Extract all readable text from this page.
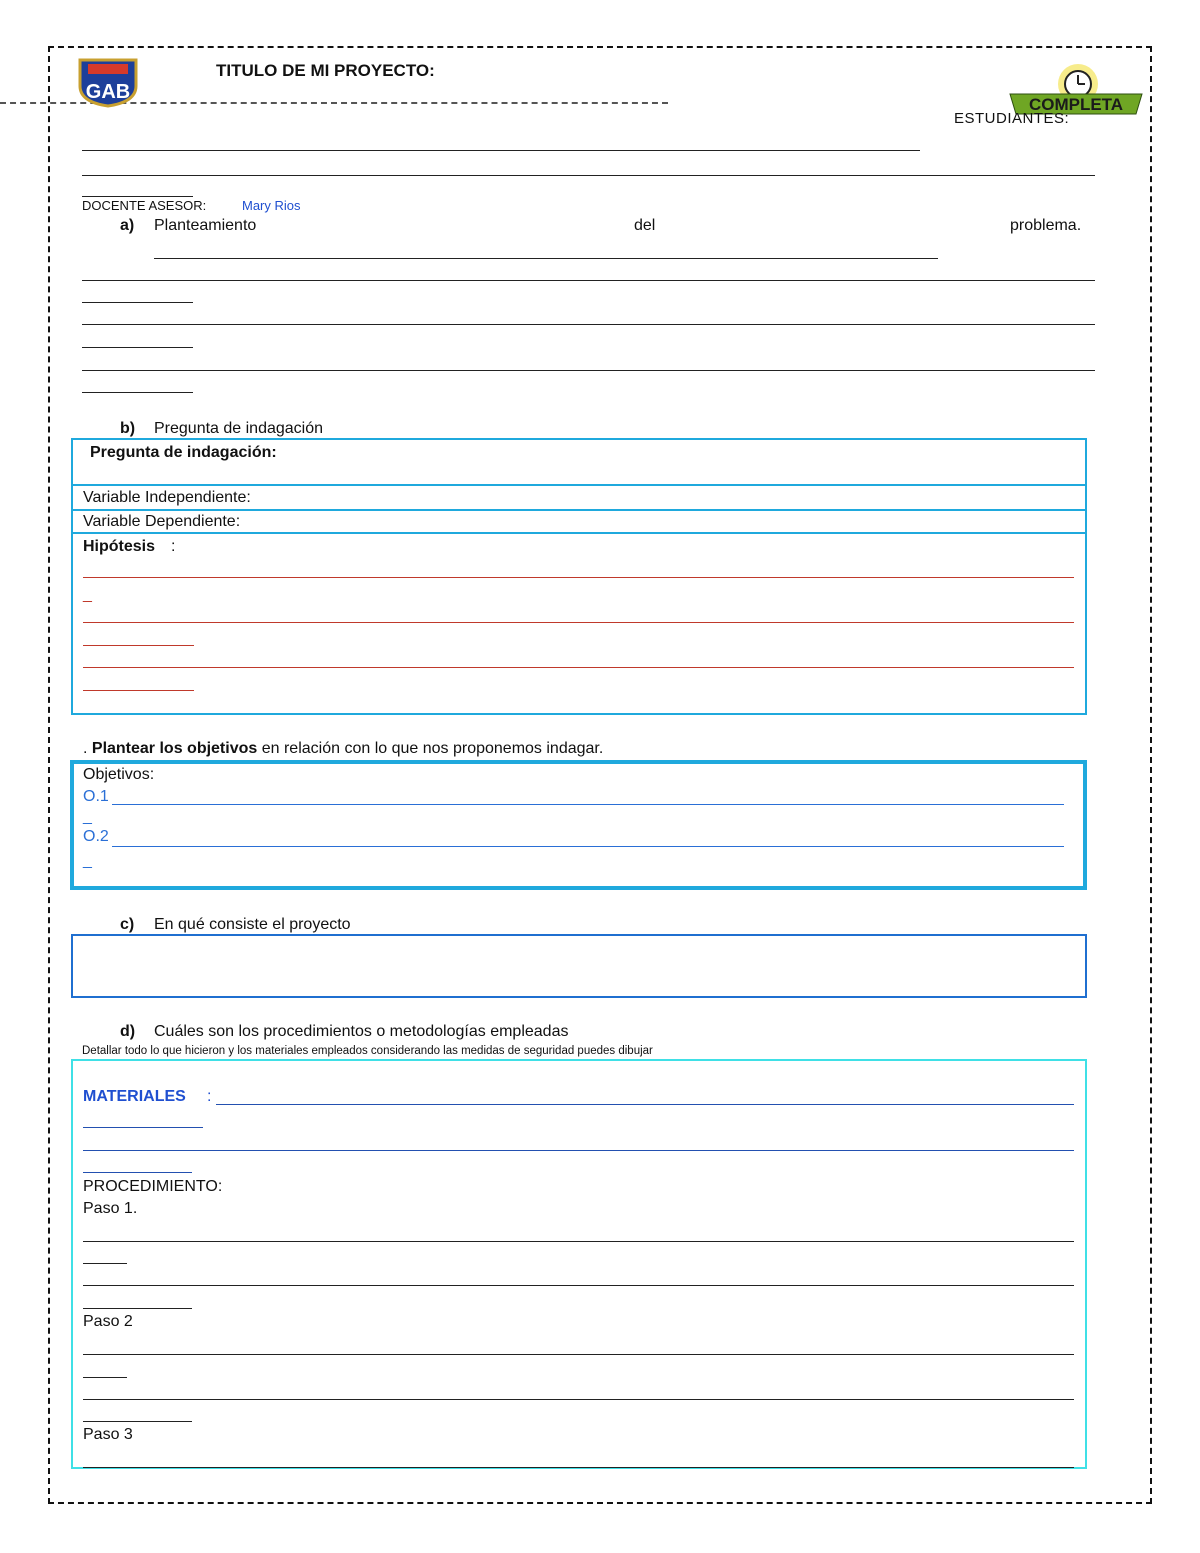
GAB
TITULO DE MI PROYECTO:
COMPLETA
ESTUDIANTES:
DOCENTE ASESOR:	Mary Rios
a) Planteamiento	del	problema.
b) Pregunta de indagación
Pregunta de indagación:
Variable Independiente:
Variable Dependiente:
Hipótesis :
_
. Plantear los objetivos en relación con lo que nos proponemos indagar.
Objetivos:
O.1
_
O.2
_
c) En qué consiste el proyecto
d) Cuáles son los procedimientos o metodologías empleadas
Detallar todo lo que hicieron y los materiales empleados considerando las medidas de seguridad puedes dibujar
MATERIALES :
PROCEDIMIENTO:
Paso 1.
Paso 2
Paso 3
